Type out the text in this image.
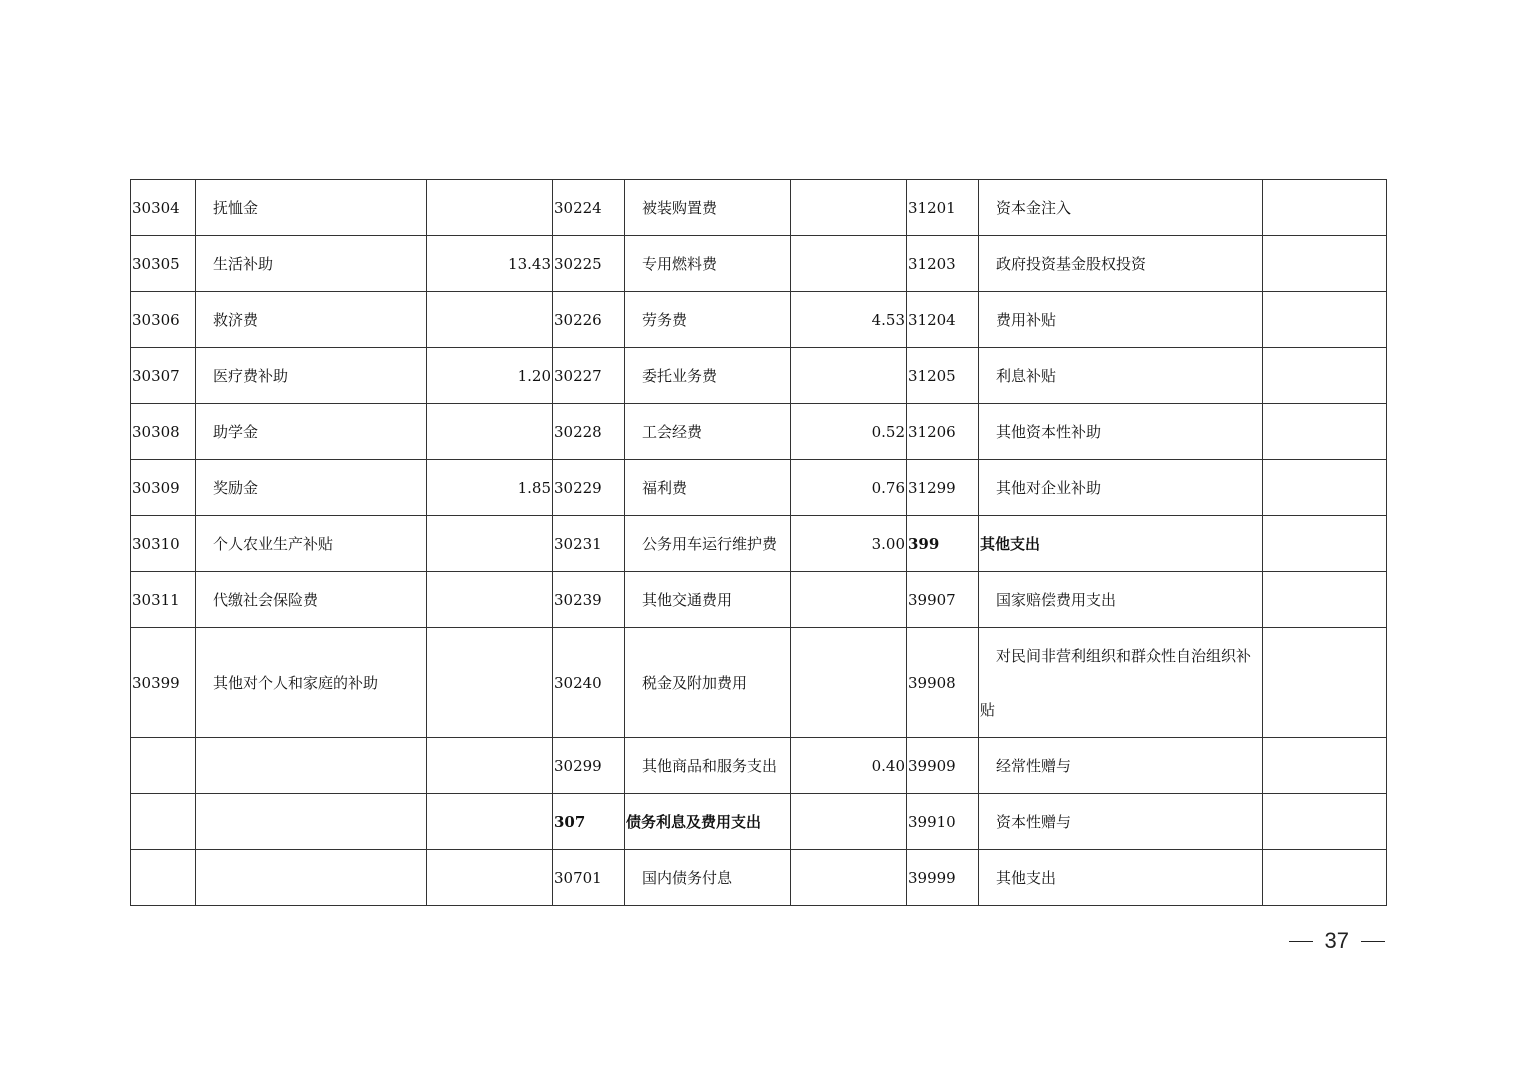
30304	抚恤金		30224	被装购置费		31201	资本金注入	
30305	生活补助	13.43	30225	专用燃料费		31203	政府投资基金股权投资	
30306	救济费		30226	劳务费	4.53	31204	费用补贴	
30307	医疗费补助	1.20	30227	委托业务费		31205	利息补贴	
30308	助学金		30228	工会经费	0.52	31206	其他资本性补助	
30309	奖励金	1.85	30229	福利费	0.76	31299	其他对企业补助	
30310	个人农业生产补贴		30231	公务用车运行维护费	3.00	399	其他支出	
30311	代缴社会保险费		30239	其他交通费用		39907	国家赔偿费用支出	
30399	其他对个人和家庭的补助		30240	税金及附加费用		39908	对民间非营利组织和群众性自治组织补贴	
			30299	其他商品和服务支出	0.40	39909	经常性赠与	
			307	债务利息及费用支出		39910	资本性赠与	
			30701	国内债务付息		39999	其他支出	
37
